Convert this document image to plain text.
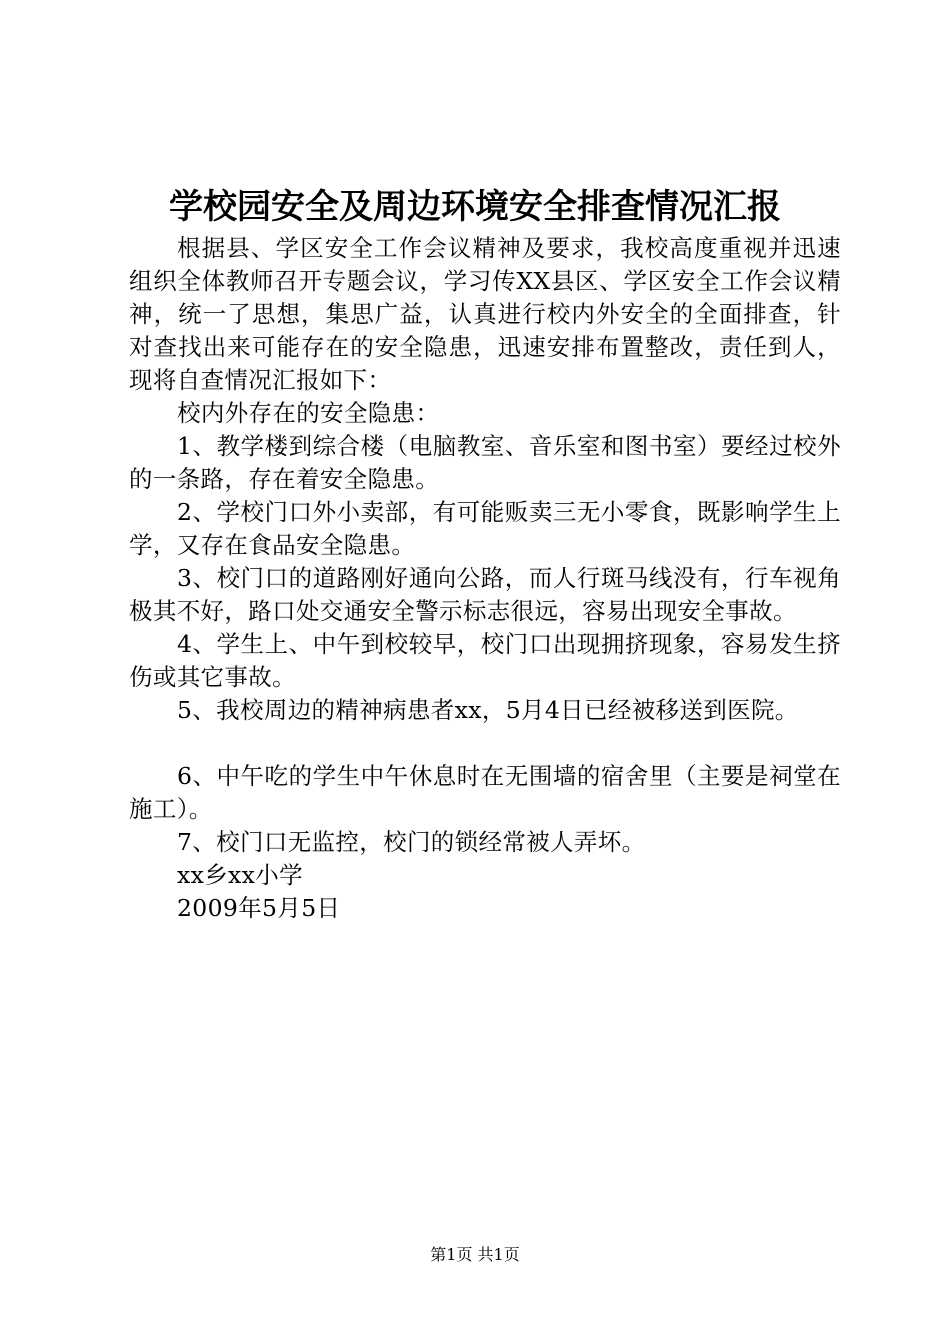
学校园安全及周边环境安全排查情况汇报

根据县、学区安全工作会议精神及要求，我校高度重视并迅速组织全体教师召开专题会议，学习传XX县区、学区安全工作会议精神，统一了思想，集思广益，认真进行校内外安全的全面排查，针对查找出来可能存在的安全隐患，迅速安排布置整改，责任到人，现将自查情况汇报如下：

校内外存在的安全隐患：

1、教学楼到综合楼（电脑教室、音乐室和图书室）要经过校外的一条路，存在着安全隐患。

2、学校门口外小卖部，有可能贩卖三无小零食，既影响学生上学，又存在食品安全隐患。

3、校门口的道路刚好通向公路，而人行斑马线没有，行车视角极其不好，路口处交通安全警示标志很远，容易出现安全事故。

4、学生上、中午到校较早，校门口出现拥挤现象，容易发生挤伤或其它事故。

5、我校周边的精神病患者xx，5月4日已经被移送到医院。

6、中午吃的学生中午休息时在无围墙的宿舍里（主要是祠堂在施工）。

7、校门口无监控，校门的锁经常被人弄坏。

xx乡xx小学

2009年5月5日

第1页 共1页
